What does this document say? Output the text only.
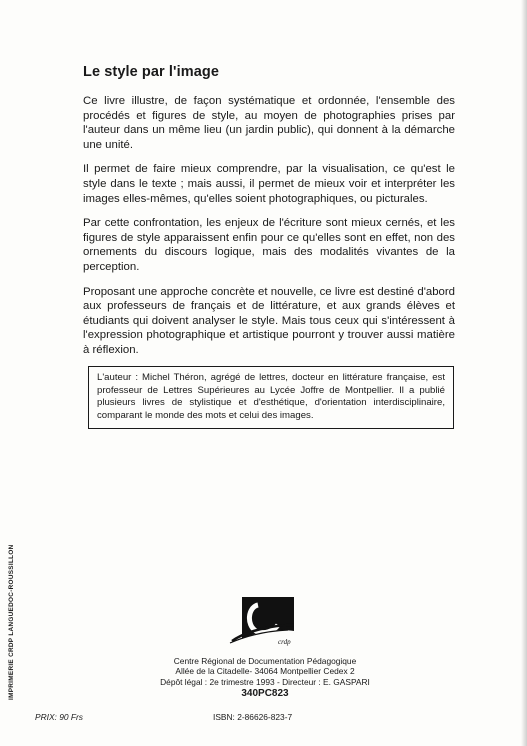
Le style par l'image

Ce livre illustre, de façon systématique et ordonnée, l'ensemble des procédés et figures de style, au moyen de photographies prises par l'auteur dans un même lieu (un jardin public), qui donnent à la démarche une unité.

Il permet de faire mieux comprendre, par la visualisation, ce qu'est le style dans le texte ; mais aussi, il permet de mieux voir et interpréter les images elles-mêmes, qu'elles soient photographiques, ou picturales.

Par cette confrontation, les enjeux de l'écriture sont mieux cernés, et les figures de style apparaissent enfin pour ce qu'elles sont en effet, non des ornements du discours logique, mais des modalités vivantes de la perception.

Proposant une approche concrète et nouvelle, ce livre est destiné d'abord aux professeurs de français et de littérature, et aux grands élèves et étudiants qui doivent analyser le style. Mais tous ceux qui s'intéressent à l'expression photographique et artistique pourront y trouver aussi matière à réflexion.

L'auteur : Michel Théron, agrégé de lettres, docteur en littérature française, est professeur de Lettres Supérieures au Lycée Joffre de Montpellier. Il a publié plusieurs livres de stylistique et d'esthétique, d'orientation interdisciplinaire, comparant le monde des mots et celui des images.
IMPRIMERIE CRDP LANGUEDOC-ROUSSILLON	crdp
Centre Régional de Documentation Pédagogique
Allée de la Citadelle- 34064 Montpellier Cedex 2
Dépôt légal : 2e trimestre 1993 - Directeur : E. GASPARI
340PC823
PRIX: 90 Frs	ISBN: 2-86626-823-7
